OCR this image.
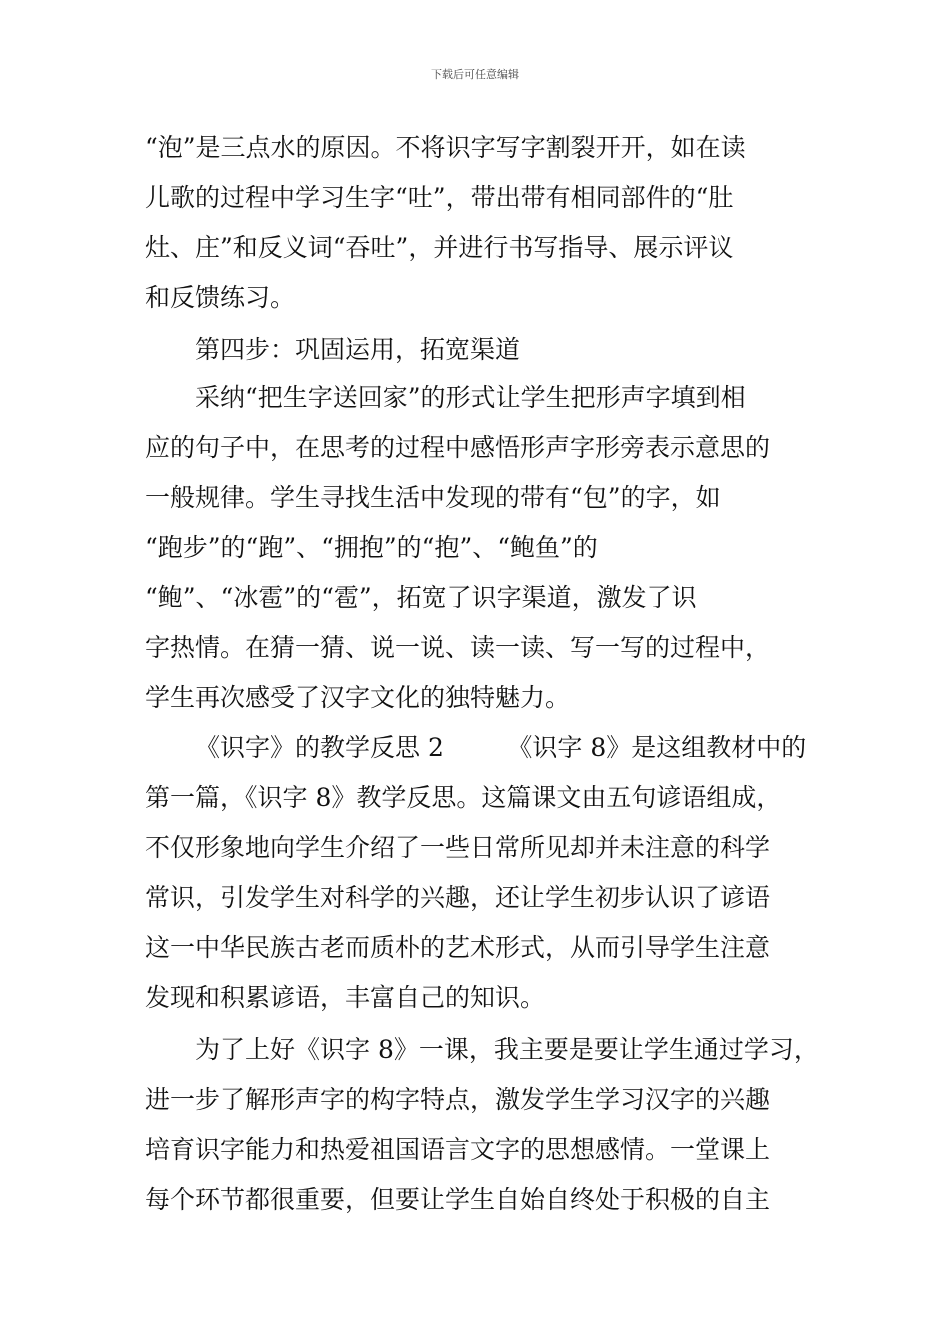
下载后可任意编辑
“泡”是三点水的原因。不将识字写字割裂开开，如在读
儿歌的过程中学习生字“吐”，带出带有相同部件的“肚
灶、庄”和反义词“吞吐”，并进行书写指导、展示评议
和反馈练习。
第四步：巩固运用，拓宽渠道
采纳“把生字送回家”的形式让学生把形声字填到相
应的句子中，在思考的过程中感悟形声字形旁表示意思的
一般规律。学生寻找生活中发现的带有“包”的字，如
“跑步”的“跑”、“拥抱”的“抱”、“鲍鱼”的
“鲍”、“冰雹”的“雹”，拓宽了识字渠道，激发了识
字热情。在猜一猜、说一说、读一读、写一写的过程中，
学生再次感受了汉字文化的独特魅力。
《识字》的教学反思 2        《识字 8》是这组教材中的
第一篇，《识字 8》教学反思。这篇课文由五句谚语组成，
不仅形象地向学生介绍了一些日常所见却并未注意的科学
常识，引发学生对科学的兴趣，还让学生初步认识了谚语
这一中华民族古老而质朴的艺术形式，从而引导学生注意
发现和积累谚语，丰富自己的知识。
为了上好《识字 8》一课，我主要是要让学生通过学习，
进一步了解形声字的构字特点，激发学生学习汉字的兴趣
培育识字能力和热爱祖国语言文字的思想感情。一堂课上
每个环节都很重要，但要让学生自始自终处于积极的自主
